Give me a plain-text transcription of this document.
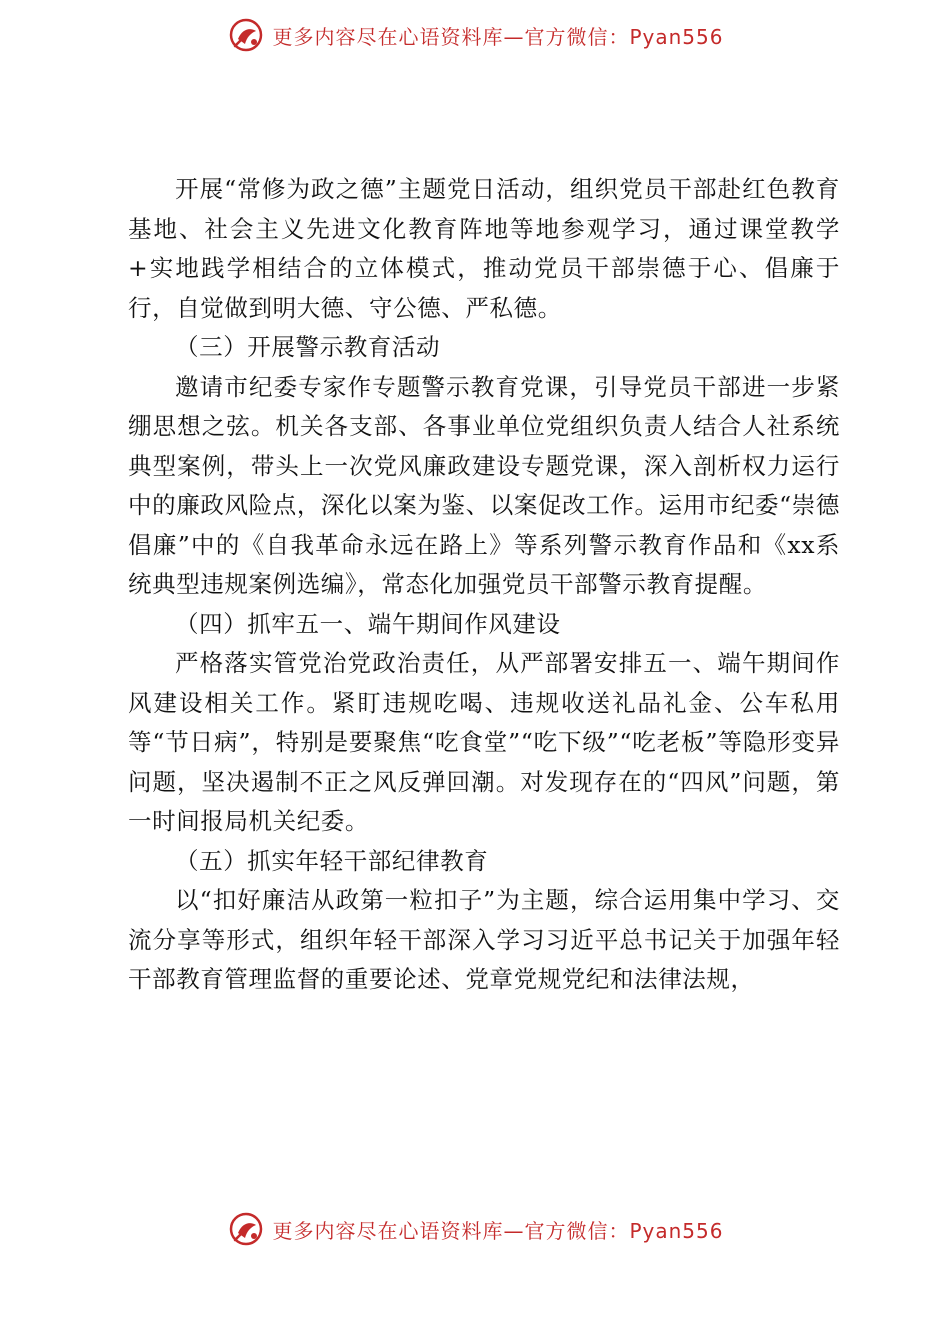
更多内容尽在心语资料库—官方微信：Pyan556

开展“常修为政之德”主题党日活动，组织党员干部赴红色教育基地、社会主义先进文化教育阵地等地参观学习，通过课堂教学+实地践学相结合的立体模式，推动党员干部崇德于心、倡廉于行，自觉做到明大德、守公德、严私德。

（三）开展警示教育活动

邀请市纪委专家作专题警示教育党课，引导党员干部进一步紧绷思想之弦。机关各支部、各事业单位党组织负责人结合人社系统典型案例，带头上一次党风廉政建设专题党课，深入剖析权力运行中的廉政风险点，深化以案为鉴、以案促改工作。运用市纪委“崇德倡廉”中的《自我革命永远在路上》等系列警示教育作品和《xx系统典型违规案例选编》，常态化加强党员干部警示教育提醒。

（四）抓牢五一、端午期间作风建设

严格落实管党治党政治责任，从严部署安排五一、端午期间作风建设相关工作。紧盯违规吃喝、违规收送礼品礼金、公车私用等“节日病”，特别是要聚焦“吃食堂”“吃下级”“吃老板”等隐形变异问题，坚决遏制不正之风反弹回潮。对发现存在的“四风”问题，第一时间报局机关纪委。

（五）抓实年轻干部纪律教育

以“扣好廉洁从政第一粒扣子”为主题，综合运用集中学习、交流分享等形式，组织年轻干部深入学习习近平总书记关于加强年轻干部教育管理监督的重要论述、党章党规党纪和法律法规，

更多内容尽在心语资料库—官方微信：Pyan556
